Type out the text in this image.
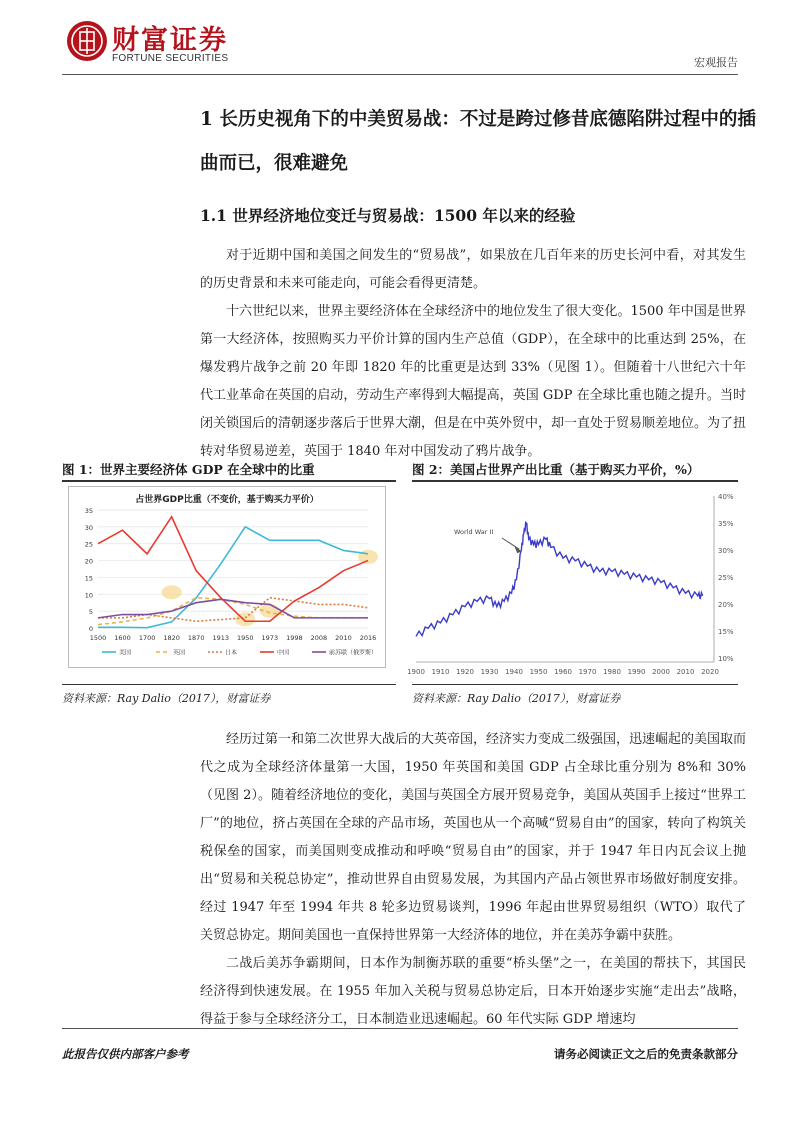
财富证券
FORTUNE SECURITIES	宏观报告
1 长历史视角下的中美贸易战：不过是跨过修昔底德陷阱过程中的插曲而已，很难避免
1.1 世界经济地位变迁与贸易战：1500 年以来的经验

对于近期中国和美国之间发生的“贸易战”，如果放在几百年来的历史长河中看，对其发生的历史背景和未来可能走向，可能会看得更清楚。

十六世纪以来，世界主要经济体在全球经济中的地位发生了很大变化。1500 年中国是世界第一大经济体，按照购买力平价计算的国内生产总值（GDP），在全球中的比重达到 25%，在爆发鸦片战争之前 20 年即 1820 年的比重更是达到 33%（见图 1）。但随着十八世纪六十年代工业革命在英国的启动，劳动生产率得到大幅提高，英国 GDP 在全球比重也随之提升。当时闭关锁国后的清朝逐步落后于世界大潮，但是在中英外贸中，却一直处于贸易顺差地位。为了扭转对华贸易逆差，英国于 1840 年对中国发动了鸦片战争。

图 1：世界主要经济体 GDP 在全球中的比重	图 2：美国占世界产出比重（基于购买力平价，%）
占世界GDP比重（不变价，基于购买力平价）
0
5
10
15
20
25
30
35
1500 1600 1700 1820 1870 1913 1950 1973 1998 2008 2010 2016
美国	英国	日本	中国	前苏联（俄罗斯）
10%
15%
20%
25%
30%
35%
40%
1900 1910 1920 1930 1940 1950 1960 1970 1980 1990 2000 2010 2020
World War II
资料来源：Ray Dalio（2017），财富证券	资料来源：Ray Dalio（2017），财富证券

经历过第一和第二次世界大战后的大英帝国，经济实力变成二级强国，迅速崛起的美国取而代之成为全球经济体量第一大国，1950 年英国和美国 GDP 占全球比重分别为 8%和 30%（见图 2）。随着经济地位的变化，美国与英国全方展开贸易竞争，美国从英国手上接过“世界工厂”的地位，挤占英国在全球的产品市场，英国也从一个高喊“贸易自由”的国家，转向了构筑关税保垒的国家，而美国则变成推动和呼唤“贸易自由”的国家，并于 1947 年日内瓦会议上抛出“贸易和关税总协定”，推动世界自由贸易发展，为其国内产品占领世界市场做好制度安排。经过 1947 年至 1994 年共 8 轮多边贸易谈判，1996 年起由世界贸易组织（WTO）取代了关贸总协定。期间美国也一直保持世界第一大经济体的地位，并在美苏争霸中获胜。

二战后美苏争霸期间，日本作为制衡苏联的重要“桥头堡”之一，在美国的帮扶下，其国民经济得到快速发展。在 1955 年加入关税与贸易总协定后，日本开始逐步实施“走出去”战略，得益于参与全球经济分工，日本制造业迅速崛起。60 年代实际 GDP 增速均

此报告仅供内部客户参考	请务必阅读正文之后的免责条款部分
